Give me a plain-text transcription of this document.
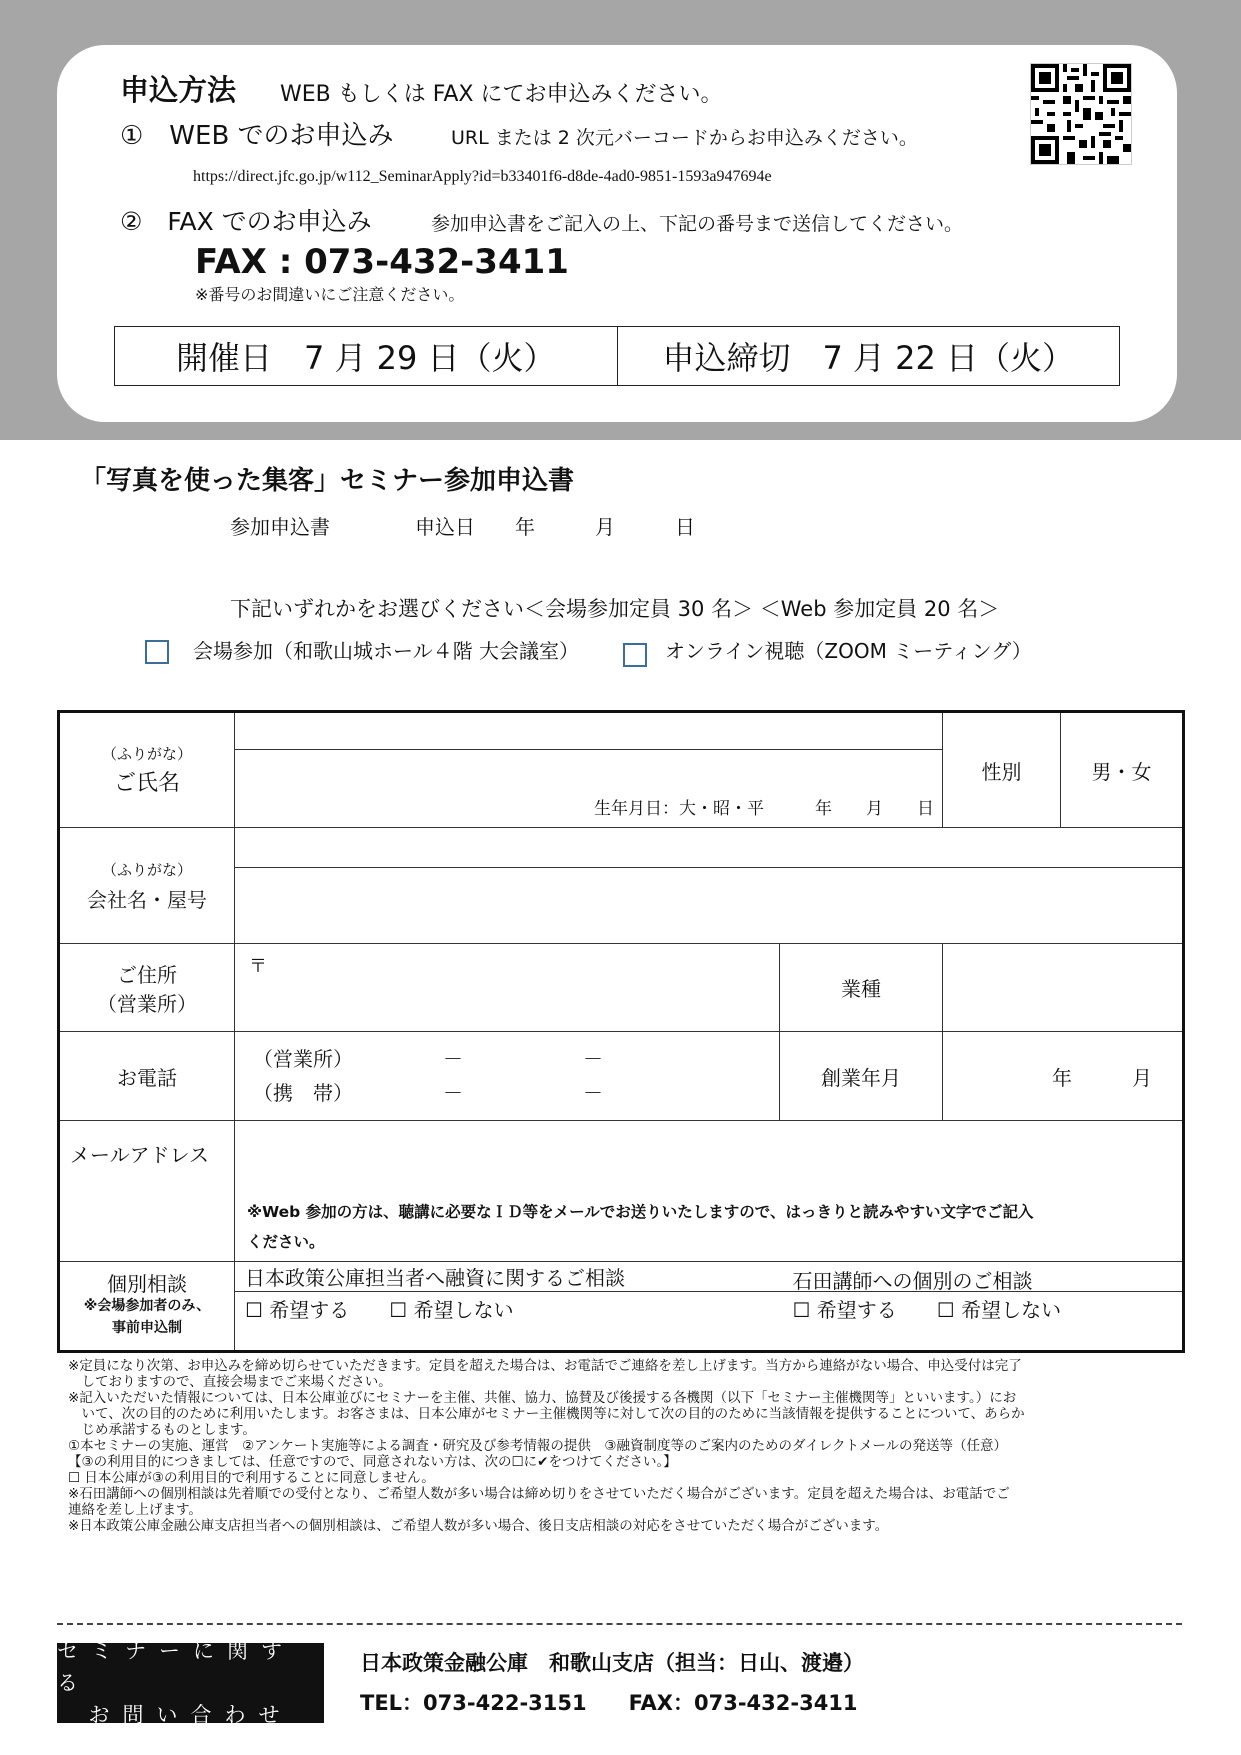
申込方法 WEB もしくは FAX にてお申込みください。
①　WEB でのお申込み	URL または 2 次元バーコードからお申込みください。
https://direct.jfc.go.jp/w112_SeminarApply?id=b33401f6-d8de-4ad0-9851-1593a947694e
②　FAX でのお申込み	参加申込書をご記入の上、下記の番号まで送信してください。
FAX : 073-432-3411
※番号のお間違いにご注意ください。
開催日　7 月 29 日（火）	申込締切　7 月 22 日（火）
「写真を使った集客」セミナー参加申込書
参加申込書	申込日　　年　　　月　　　日
下記いずれかをお選びください＜会場参加定員 30 名＞ ＜Web 参加定員 20 名＞
会場参加（和歌山城ホール４階 大会議室）	オンライン視聴（ZOOM ミーティング）
（ふりがな）
ご氏名			性別	男・女

	生年月日：大・昭・平　　　年　　月　　日			

（ふりがな）
会社名・屋号				

ご住所
（営業所）	〒	業種		
お電話	（営業所）　　　　　－　　　　　　－
（携　帯）　　　　　－　　　　　　－	創業年月	年　　　月	

メールアドレス	※Web 参加の方は、聴講に必要なＩＤ等をメールでお送りいたしますので、はっきりと読みやすい文字でご記入
ください。			

個別相談
※会場参加者のみ、
事前申込制	日本政策公庫担当者へ融資に関するご相談		石田講師への個別のご相談	

	☐ 希望する　　☐ 希望しない		☐ 希望する　　☐ 希望しない	
※定員になり次第、お申込みを締め切らせていただきます。定員を超えた場合は、お電話でご連絡を差し上げます。当方から連絡がない場合、申込受付は完了
　しておりますので、直接会場までご来場ください。
※記入いただいた情報については、日本公庫並びにセミナーを主催、共催、協力、協賛及び後援する各機関（以下「セミナー主催機関等」といいます。）にお
　いて、次の目的のために利用いたします。お客さまは、日本公庫がセミナー主催機関等に対して次の目的のために当該情報を提供することについて、あらか
　じめ承諾するものとします。
①本セミナーの実施、運営　②アンケート実施等による調査・研究及び参考情報の提供　③融資制度等のご案内のためのダイレクトメールの発送等（任意）
【③の利用目的につきましては、任意ですので、同意されない方は、次の☐に✔をつけてください。】
☐ 日本公庫が③の利用目的で利用することに同意しません。
※石田講師への個別相談は先着順での受付となり、ご希望人数が多い場合は締め切りをさせていただく場合がございます。定員を超えた場合は、お電話でご
連絡を差し上げます。
※日本政策公庫金融公庫支店担当者への個別相談は、ご希望人数が多い場合、後日支店相談の対応をさせていただく場合がございます。
セミナーに関する
お問い合わせ
日本政策金融公庫　和歌山支店（担当：日山、渡邉）
TEL：073-422-3151　　FAX：073-432-3411
